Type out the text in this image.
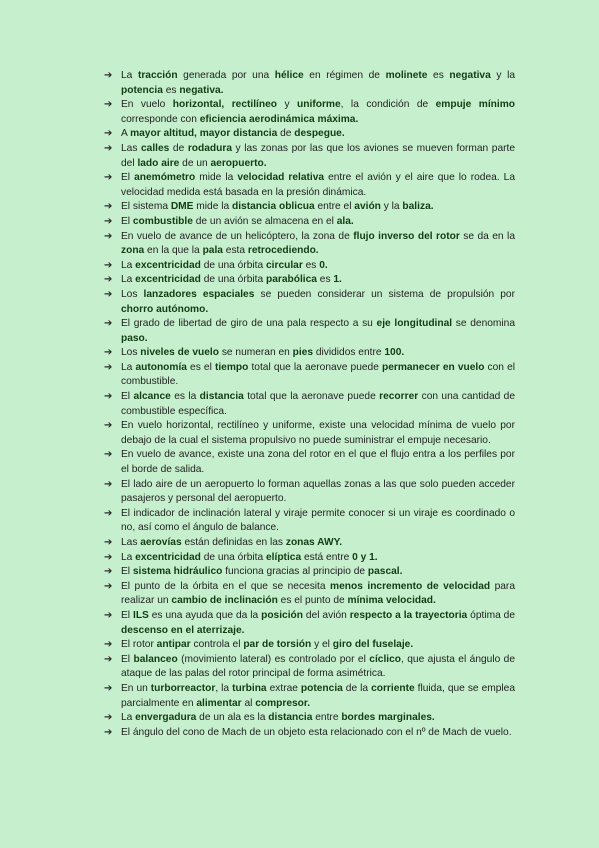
➔ La tracción generada por una hélice en régimen de molinete es negativa y la potencia es negativa.
➔ En vuelo horizontal, rectilíneo y uniforme, la condición de empuje mínimo corresponde con eficiencia aerodinámica máxima.
➔ A mayor altitud, mayor distancia de despegue.
➔ Las calles de rodadura y las zonas por las que los aviones se mueven forman parte del lado aire de un aeropuerto.
➔ El anemómetro mide la velocidad relativa entre el avión y el aire que lo rodea. La velocidad medida está basada en la presión dinámica.
➔ El sistema DME mide la distancia oblicua entre el avión y la baliza.
➔ El combustible de un avión se almacena en el ala.
➔ En vuelo de avance de un helicóptero, la zona de flujo inverso del rotor se da en la zona en la que la pala esta retrocediendo.
➔ La excentricidad de una órbita circular es 0.
➔ La excentricidad de una órbita parabólica es 1.
➔ Los lanzadores espaciales se pueden considerar un sistema de propulsión por chorro autónomo.
➔ El grado de libertad de giro de una pala respecto a su eje longitudinal se denomina paso.
➔ Los niveles de vuelo se numeran en pies divididos entre 100.
➔ La autonomía es el tiempo total que la aeronave puede permanecer en vuelo con el combustible.
➔ El alcance es la distancia total que la aeronave puede recorrer con una cantidad de combustible específica.
➔ En vuelo horizontal, rectilíneo y uniforme, existe una velocidad mínima de vuelo por debajo de la cual el sistema propulsivo no puede suministrar el empuje necesario.
➔ En vuelo de avance, existe una zona del rotor en el que el flujo entra a los perfiles por el borde de salida.
➔ El lado aire de un aeropuerto lo forman aquellas zonas a las que solo pueden acceder pasajeros y personal del aeropuerto.
➔ El indicador de inclinación lateral y viraje permite conocer si un viraje es coordinado o no, así como el ángulo de balance.
➔ Las aerovías están definidas en las zonas AWY.
➔ La excentricidad de una órbita elíptica está entre 0 y 1.
➔ El sistema hidráulico funciona gracias al principio de pascal.
➔ El punto de la órbita en el que se necesita menos incremento de velocidad para realizar un cambio de inclinación es el punto de mínima velocidad.
➔ El ILS es una ayuda que da la posición del avión respecto a la trayectoria óptima de descenso en el aterrizaje.
➔ El rotor antipar controla el par de torsión y el giro del fuselaje.
➔ El balanceo (movimiento lateral) es controlado por el cíclico, que ajusta el ángulo de ataque de las palas del rotor principal de forma asimétrica.
➔ En un turborreactor, la turbina extrae potencia de la corriente fluida, que se emplea parcialmente en alimentar al compresor.
➔ La envergadura de un ala es la distancia entre bordes marginales.
➔ El ángulo del cono de Mach de un objeto esta relacionado con el nº de Mach de vuelo.
